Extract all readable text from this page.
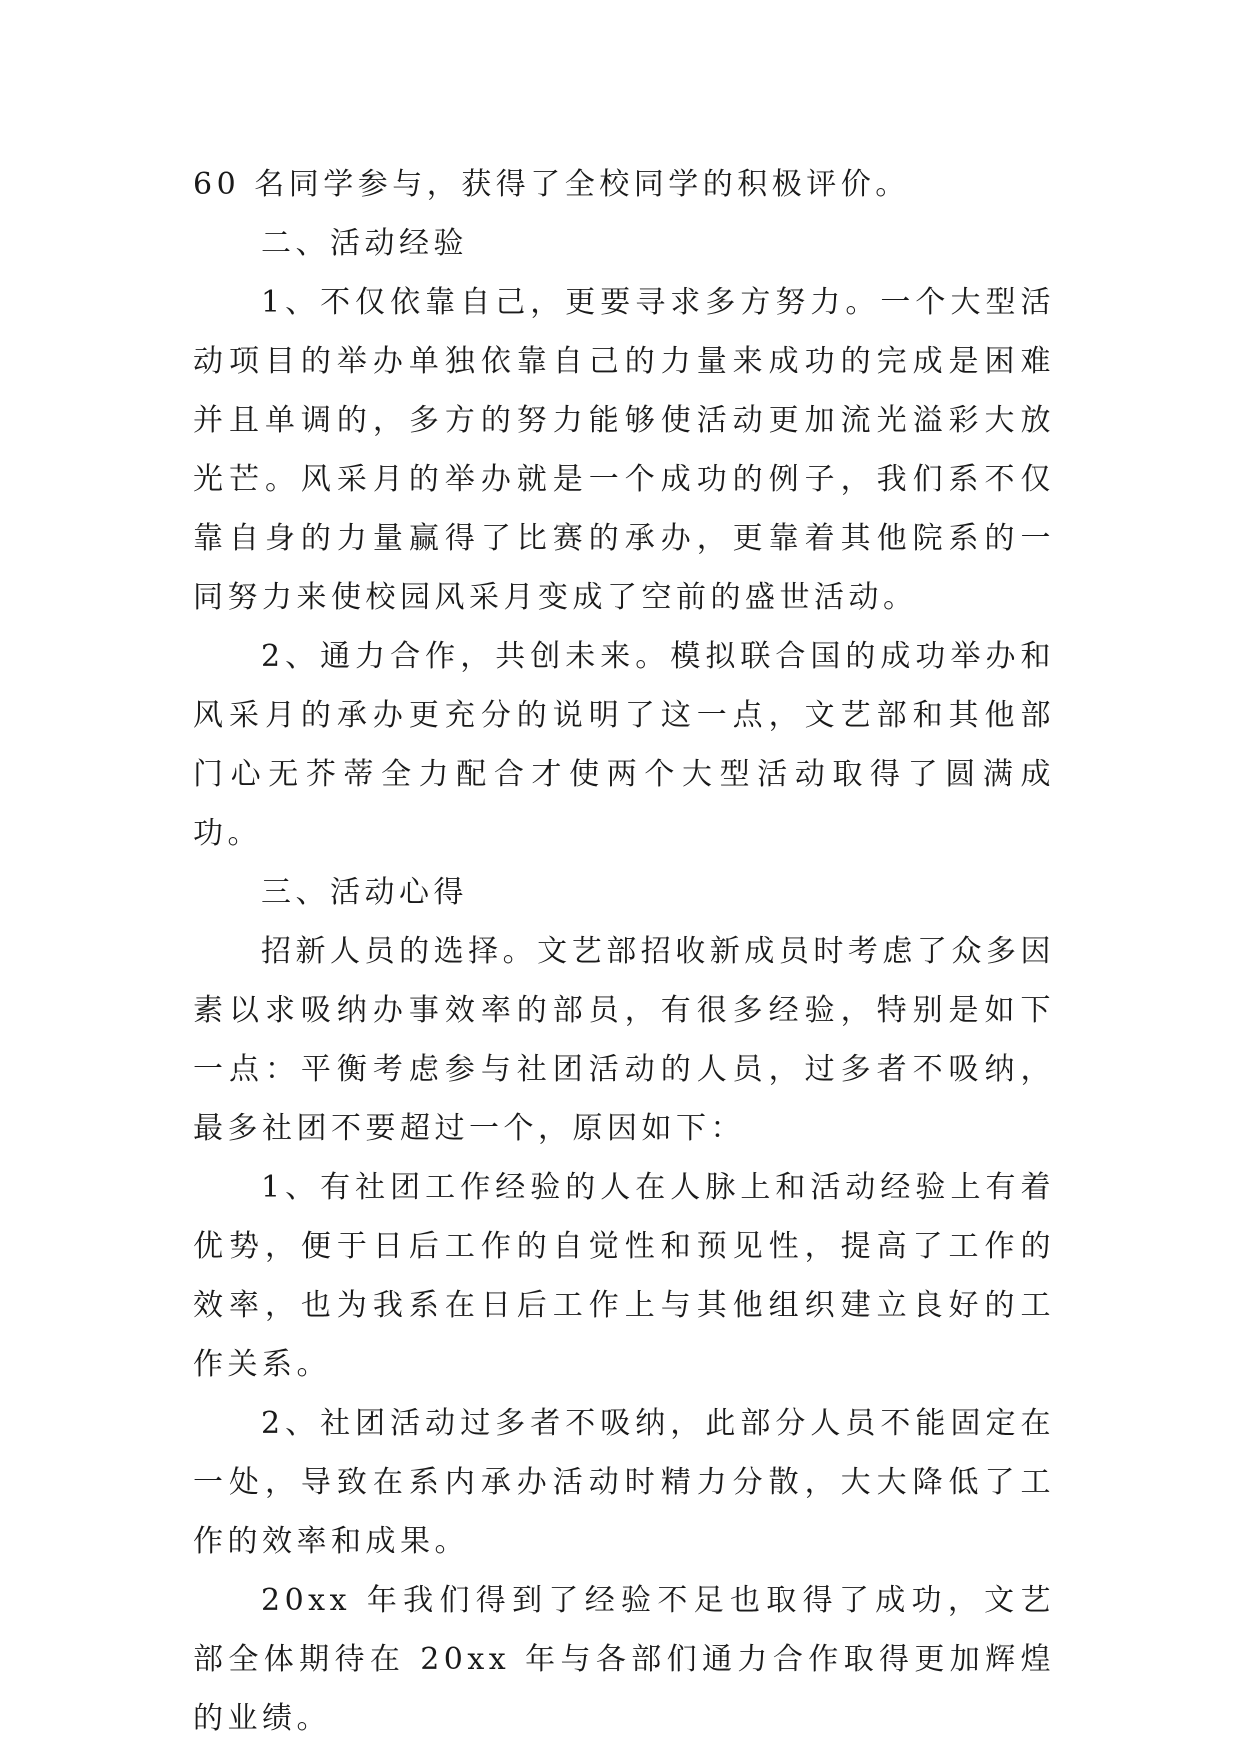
60 名同学参与，获得了全校同学的积极评价。

二、活动经验

1、不仅依靠自己，更要寻求多方努力。一个大型活动项目的举办单独依靠自己的力量来成功的完成是困难并且单调的，多方的努力能够使活动更加流光溢彩大放光芒。风采月的举办就是一个成功的例子，我们系不仅靠自身的力量赢得了比赛的承办，更靠着其他院系的一同努力来使校园风采月变成了空前的盛世活动。

2、通力合作，共创未来。模拟联合国的成功举办和风采月的承办更充分的说明了这一点，文艺部和其他部门心无芥蒂全力配合才使两个大型活动取得了圆满成功。

三、活动心得

招新人员的选择。文艺部招收新成员时考虑了众多因素以求吸纳办事效率的部员，有很多经验，特别是如下一点：平衡考虑参与社团活动的人员，过多者不吸纳，最多社团不要超过一个，原因如下：

1、有社团工作经验的人在人脉上和活动经验上有着优势，便于日后工作的自觉性和预见性，提高了工作的效率，也为我系在日后工作上与其他组织建立良好的工作关系。

2、社团活动过多者不吸纳，此部分人员不能固定在一处，导致在系内承办活动时精力分散，大大降低了工作的效率和成果。

20xx 年我们得到了经验不足也取得了成功，文艺部全体期待在 20xx 年与各部们通力合作取得更加辉煌的业绩。
